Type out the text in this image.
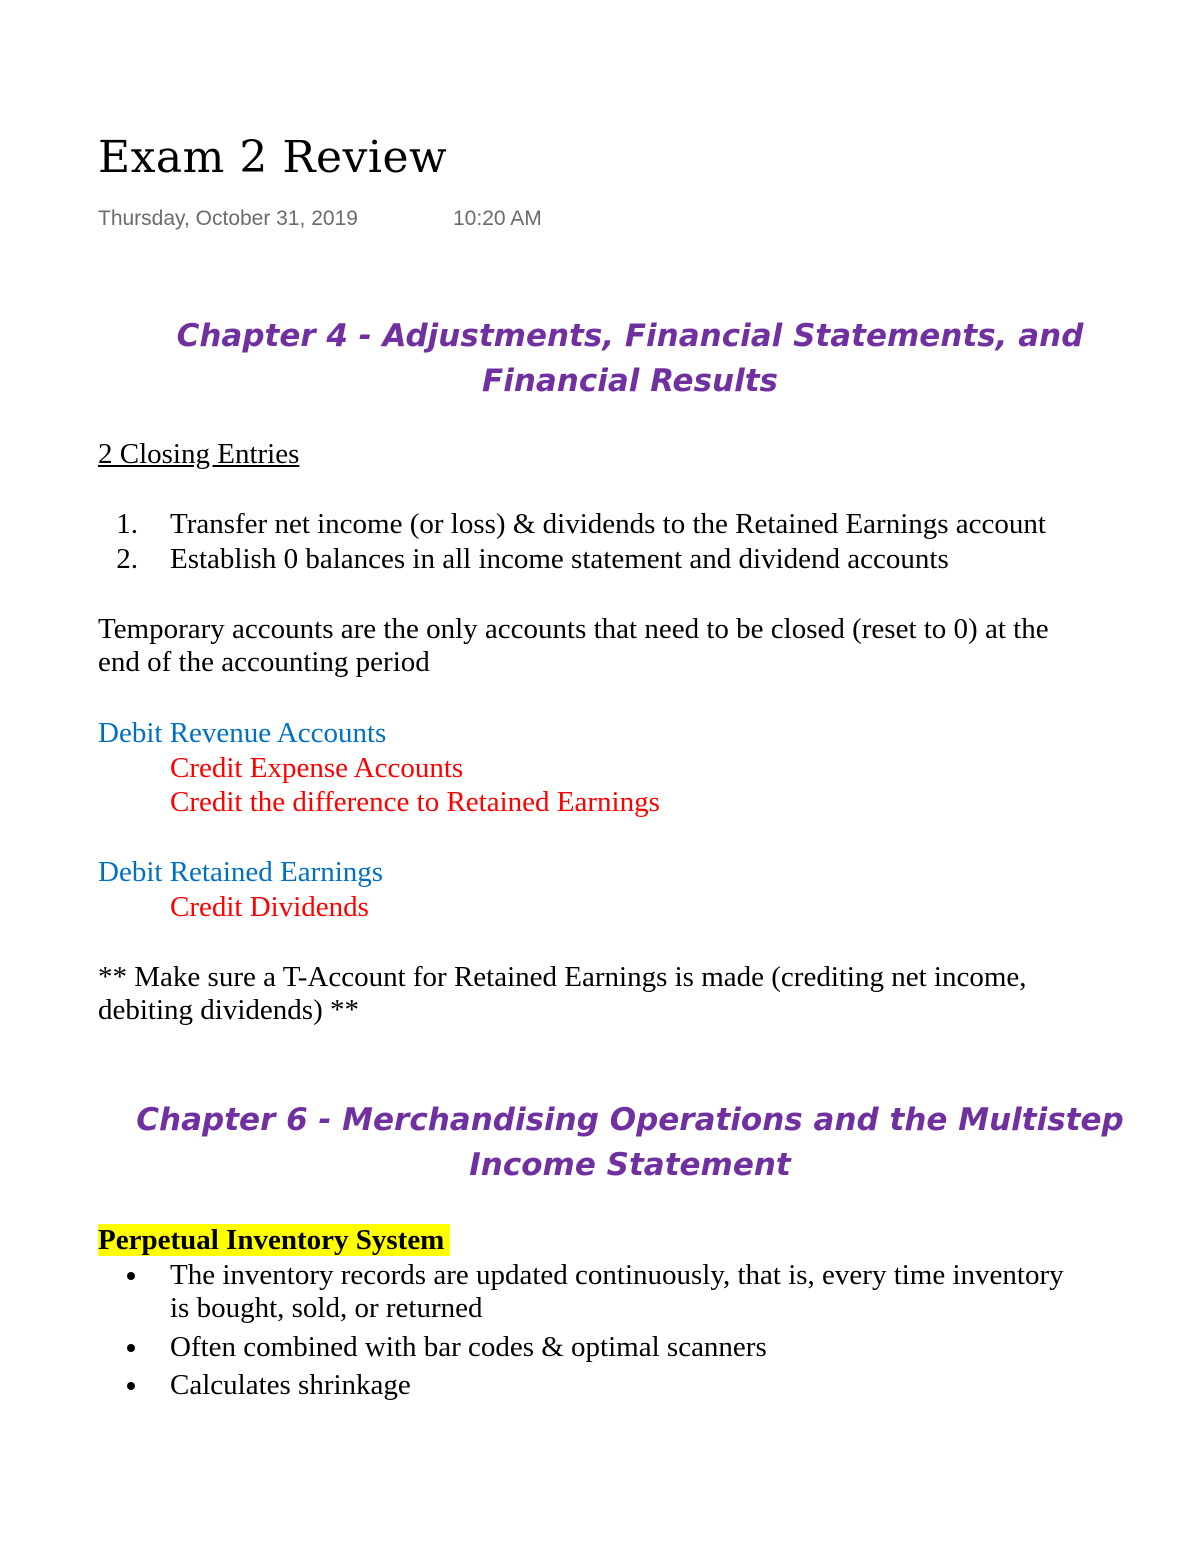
Exam 2 Review
Thursday, October 31, 2019	10:20 AM
Chapter 4 - Adjustments, Financial Statements, and
Financial Results
2 Closing Entries
1. Transfer net income (or loss) & dividends to the Retained Earnings account
2. Establish 0 balances in all income statement and dividend accounts
Temporary accounts are the only accounts that need to be closed (reset to 0) at the
end of the accounting period
Debit Revenue Accounts
Credit Expense Accounts
Credit the difference to Retained Earnings
Debit Retained Earnings
Credit Dividends
** Make sure a T-Account for Retained Earnings is made (crediting net income,
debiting dividends) **
Chapter 6 - Merchandising Operations and the Multistep
Income Statement
Perpetual Inventory System
The inventory records are updated continuously, that is, every time inventory
is bought, sold, or returned
Often combined with bar codes & optimal scanners
Calculates shrinkage
